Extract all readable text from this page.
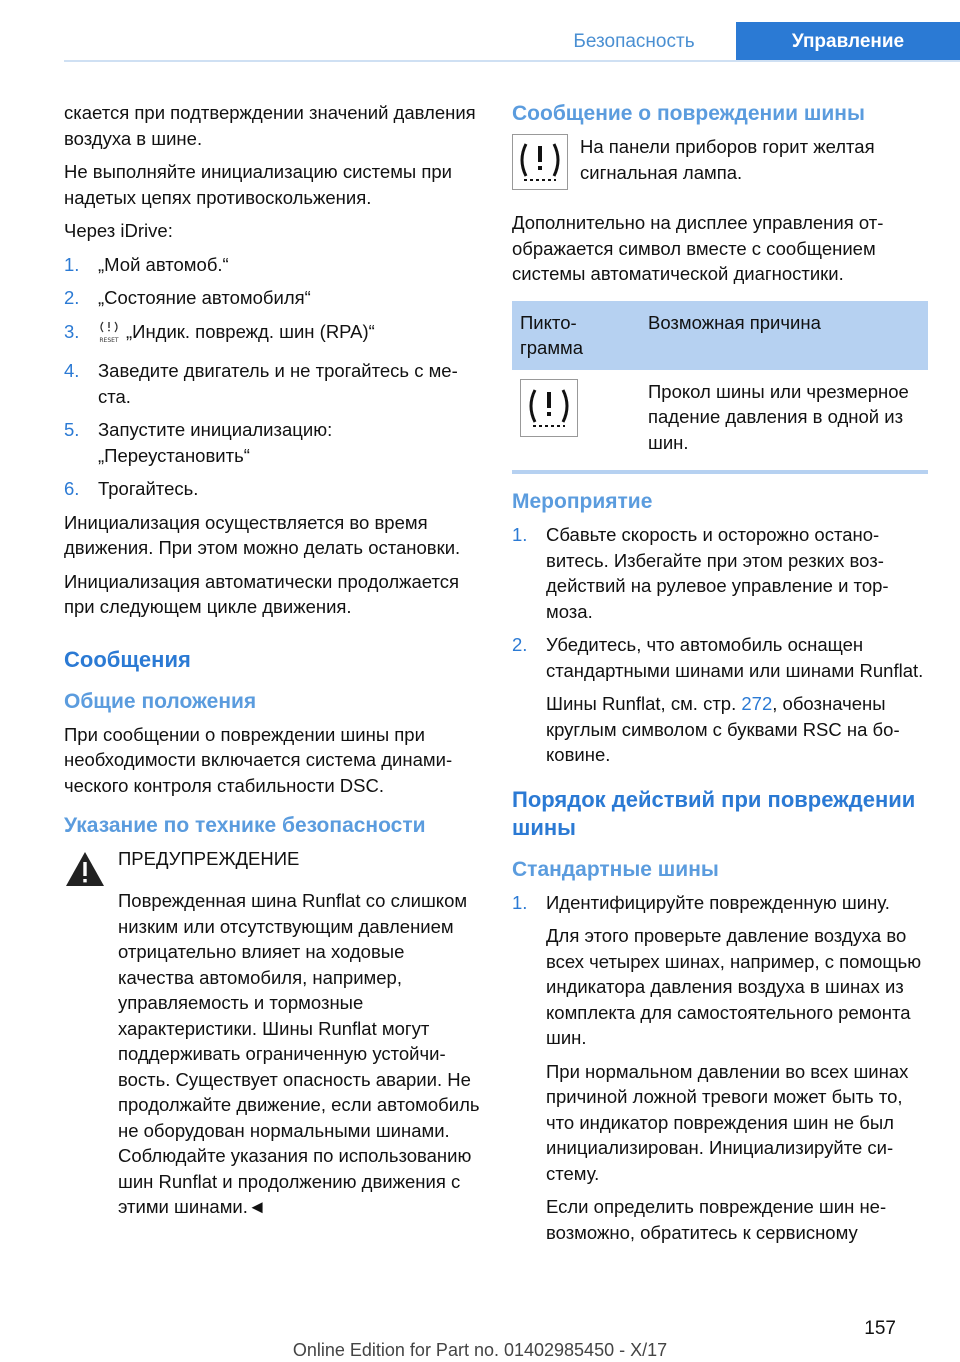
Безопасность	Управление

скается при подтверждении значений давления воздуха в шине.

Не выполняйте инициализацию системы при надетых цепях противоскольжения.

Через iDrive:

1. „Мой автомоб.“
2. „Состояние автомобиля“
3.	RESET „Индик. поврежд. шин (RPA)“
4. Заведите двигатель и не трогайтесь с места.
5. Запустите инициализацию: „Переустановить“
6. Трогайтесь.

Инициализация осуществляется во время движения. При этом можно делать остановки.

Инициализация автоматически продолжается при следующем цикле движения.

Сообщения
Общие положения

При сообщении о повреждении шины при необходимости включается система динамического контроля стабильности DSC.

Указание по технике безопасности

ПРЕДУПРЕЖДЕНИЕ

Поврежденная шина Runflat со слишком низким или отсутствующим давлением отрицательно влияет на ходовые качества автомобиля, например, управляемость и тормозные характеристики. Шины Runflat могут поддерживать ограниченную устойчивость. Существует опасность аварии. Не продолжайте движение, если автомобиль не оборудован нормальными шинами. Соблюдайте указания по использованию шин Runflat и продолжению движения с этими шинами.◄

Сообщение о повреждении шины

На панели приборов горит желтая сигнальная лампа.

Дополнительно на дисплее управления отображается символ вместе с сообщением системы автоматической диагностики.

Пиктограмма	Возможная причина
	Прокол шины или чрезмерное падение давления в одной из шин.
Мероприятие
1. Сбавьте скорость и осторожно остановитесь. Избегайте при этом резких воздействий на рулевое управление и тормоза.
2. Убедитесь, что автомобиль оснащен стандартными шинами или шинами Runflat.

Шины Runflat, см. стр. 272, обозначены круглым символом с буквами RSC на боковине.

Порядок действий при повреждении шины
Стандартные шины
1. Идентифицируйте поврежденную шину.

Для этого проверьте давление воздуха во всех четырех шинах, например, с помощью индикатора давления воздуха в шинах из комплекта для самостоятельного ремонта шин.

При нормальном давлении во всех шинах причиной ложной тревоги может быть то, что индикатор повреждения шин не был инициализирован. Инициализируйте систему.

Если определить повреждение шин невозможно, обратитесь к сервисному

157
Online Edition for Part no. 01402985450 - X/17
